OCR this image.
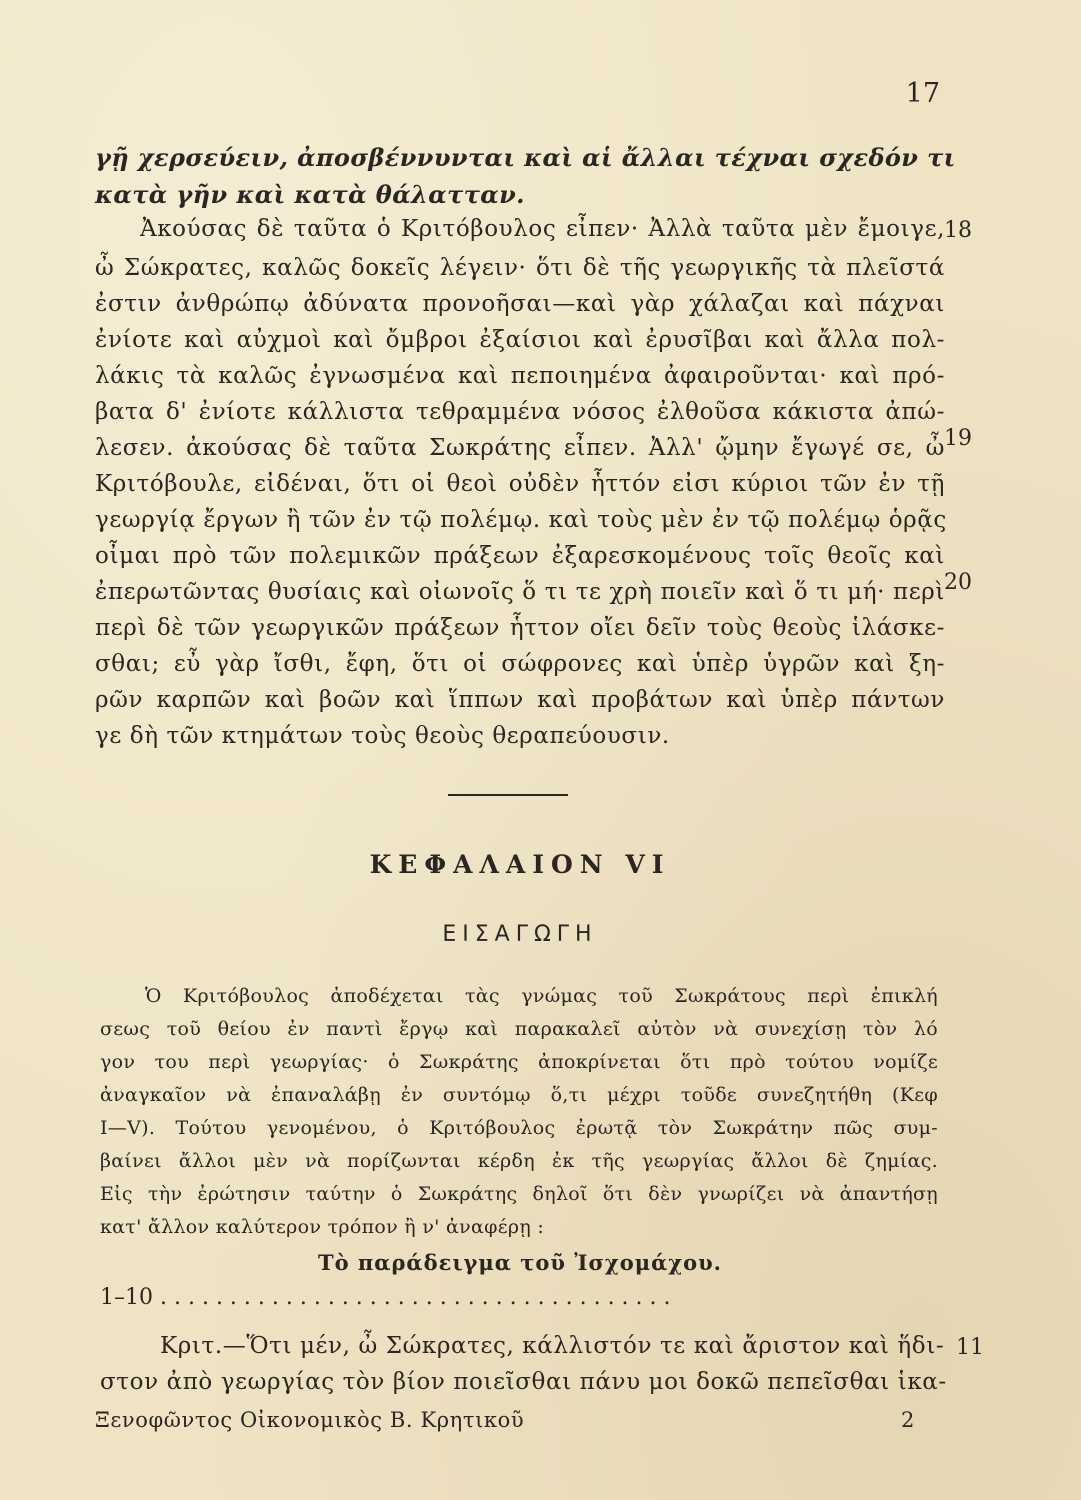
17
γῇ χερσεύειν, ἀποσβέννυνται καὶ αἱ ἄλλαι τέχναι σχεδόν τι
κατὰ γῆν καὶ κατὰ θάλατταν.
Ἀκούσας δὲ ταῦτα ὁ Κριτόβουλος εἶπεν· Ἀλλὰ ταῦτα μὲν ἔμοιγε, 18
ὦ Σώκρατες, καλῶς δοκεῖς λέγειν· ὅτι δὲ τῆς γεωργικῆς τὰ πλεῖστά
ἐστιν ἀνθρώπῳ ἀδύνατα προνοῆσαι—καὶ γὰρ χάλαζαι καὶ πάχναι
ἐνίοτε καὶ αὐχμοὶ καὶ ὄμβροι ἐξαίσιοι καὶ ἐρυσῖβαι καὶ ἄλλα πολ-
λάκις τὰ καλῶς ἐγνωσμένα καὶ πεποιημένα ἀφαιροῦνται· καὶ πρό-
βατα δ' ἐνίοτε κάλλιστα τεθραμμένα νόσος ἐλθοῦσα κάκιστα ἀπώ-
λεσεν. ἀκούσας δὲ ταῦτα Σωκράτης εἶπεν. Ἀλλ' ᾤμην ἔγωγέ σε, ὦ 19
Κριτόβουλε, εἰδέναι, ὅτι οἱ θεοὶ οὐδὲν ἧττόν εἰσι κύριοι τῶν ἐν τῇ
γεωργίᾳ ἔργων ἢ τῶν ἐν τῷ πολέμῳ. καὶ τοὺς μὲν ἐν τῷ πολέμῳ ὁρᾷς
οἶμαι πρὸ τῶν πολεμικῶν πράξεων ἐξαρεσκομένους τοῖς θεοῖς καὶ
ἐπερωτῶντας θυσίαις καὶ οἰωνοῖς ὅ τι τε χρὴ ποιεῖν καὶ ὅ τι μή· περὶ 20
περὶ δὲ τῶν γεωργικῶν πράξεων ἧττον οἴει δεῖν τοὺς θεοὺς ἱλάσκε-
σθαι; εὖ γὰρ ἴσθι, ἔφη, ὅτι οἱ σώφρονες καὶ ὑπὲρ ὑγρῶν καὶ ξη-
ρῶν καρπῶν καὶ βοῶν καὶ ἵππων καὶ προβάτων καὶ ὑπὲρ πάντων
γε δὴ τῶν κτημάτων τοὺς θεοὺς θεραπεύουσιν.
ΚΕΦΑΛΑΙΟΝ VI
ΕΙΣΑΓΩΓΗ
Ὁ Κριτόβουλος ἀποδέχεται τὰς γνώμας τοῦ Σωκράτους περὶ ἐπικλή
σεως τοῦ θείου ἐν παντὶ ἔργῳ καὶ παρακαλεῖ αὐτὸν νὰ συνεχίσῃ τὸν λό
γον του περὶ γεωργίας· ὁ Σωκράτης ἀποκρίνεται ὅτι πρὸ τούτου νομίζε
ἀναγκαῖον νὰ ἐπαναλάβῃ ἐν συντόμῳ ὅ,τι μέχρι τοῦδε συνεζητήθη (Κεφ
I—V). Τούτου γενομένου, ὁ Κριτόβουλος ἐρωτᾷ τὸν Σωκράτην πῶς συμ-
βαίνει ἄλλοι μὲν νὰ πορίζωνται κέρδη ἐκ τῆς γεωργίας ἄλλοι δὲ ζημίας.
Εἰς τὴν ἐρώτησιν ταύτην ὁ Σωκράτης δηλοῖ ὅτι δὲν γνωρίζει νὰ ἀπαντήσῃ
κατ' ἄλλον καλύτερον τρόπον ἢ ν' ἀναφέρῃ :
Τὸ παράδειγμα τοῦ Ἰσχομάχου.
1–10 . . . . . . . . . . . . . . . . . . . . . . . . . . . . . . . . . . . . .
Κριτ.—Ὅτι μέν, ὦ Σώκρατες, κάλλιστόν τε καὶ ἄριστον καὶ ἥδι- 11
στον ἀπὸ γεωργίας τὸν βίον ποιεῖσθαι πάνυ μοι δοκῶ πεπεῖσθαι ἱκα-
Ξενοφῶντος Οἰκονομικὸς Β. Κρητικοῦ	2
